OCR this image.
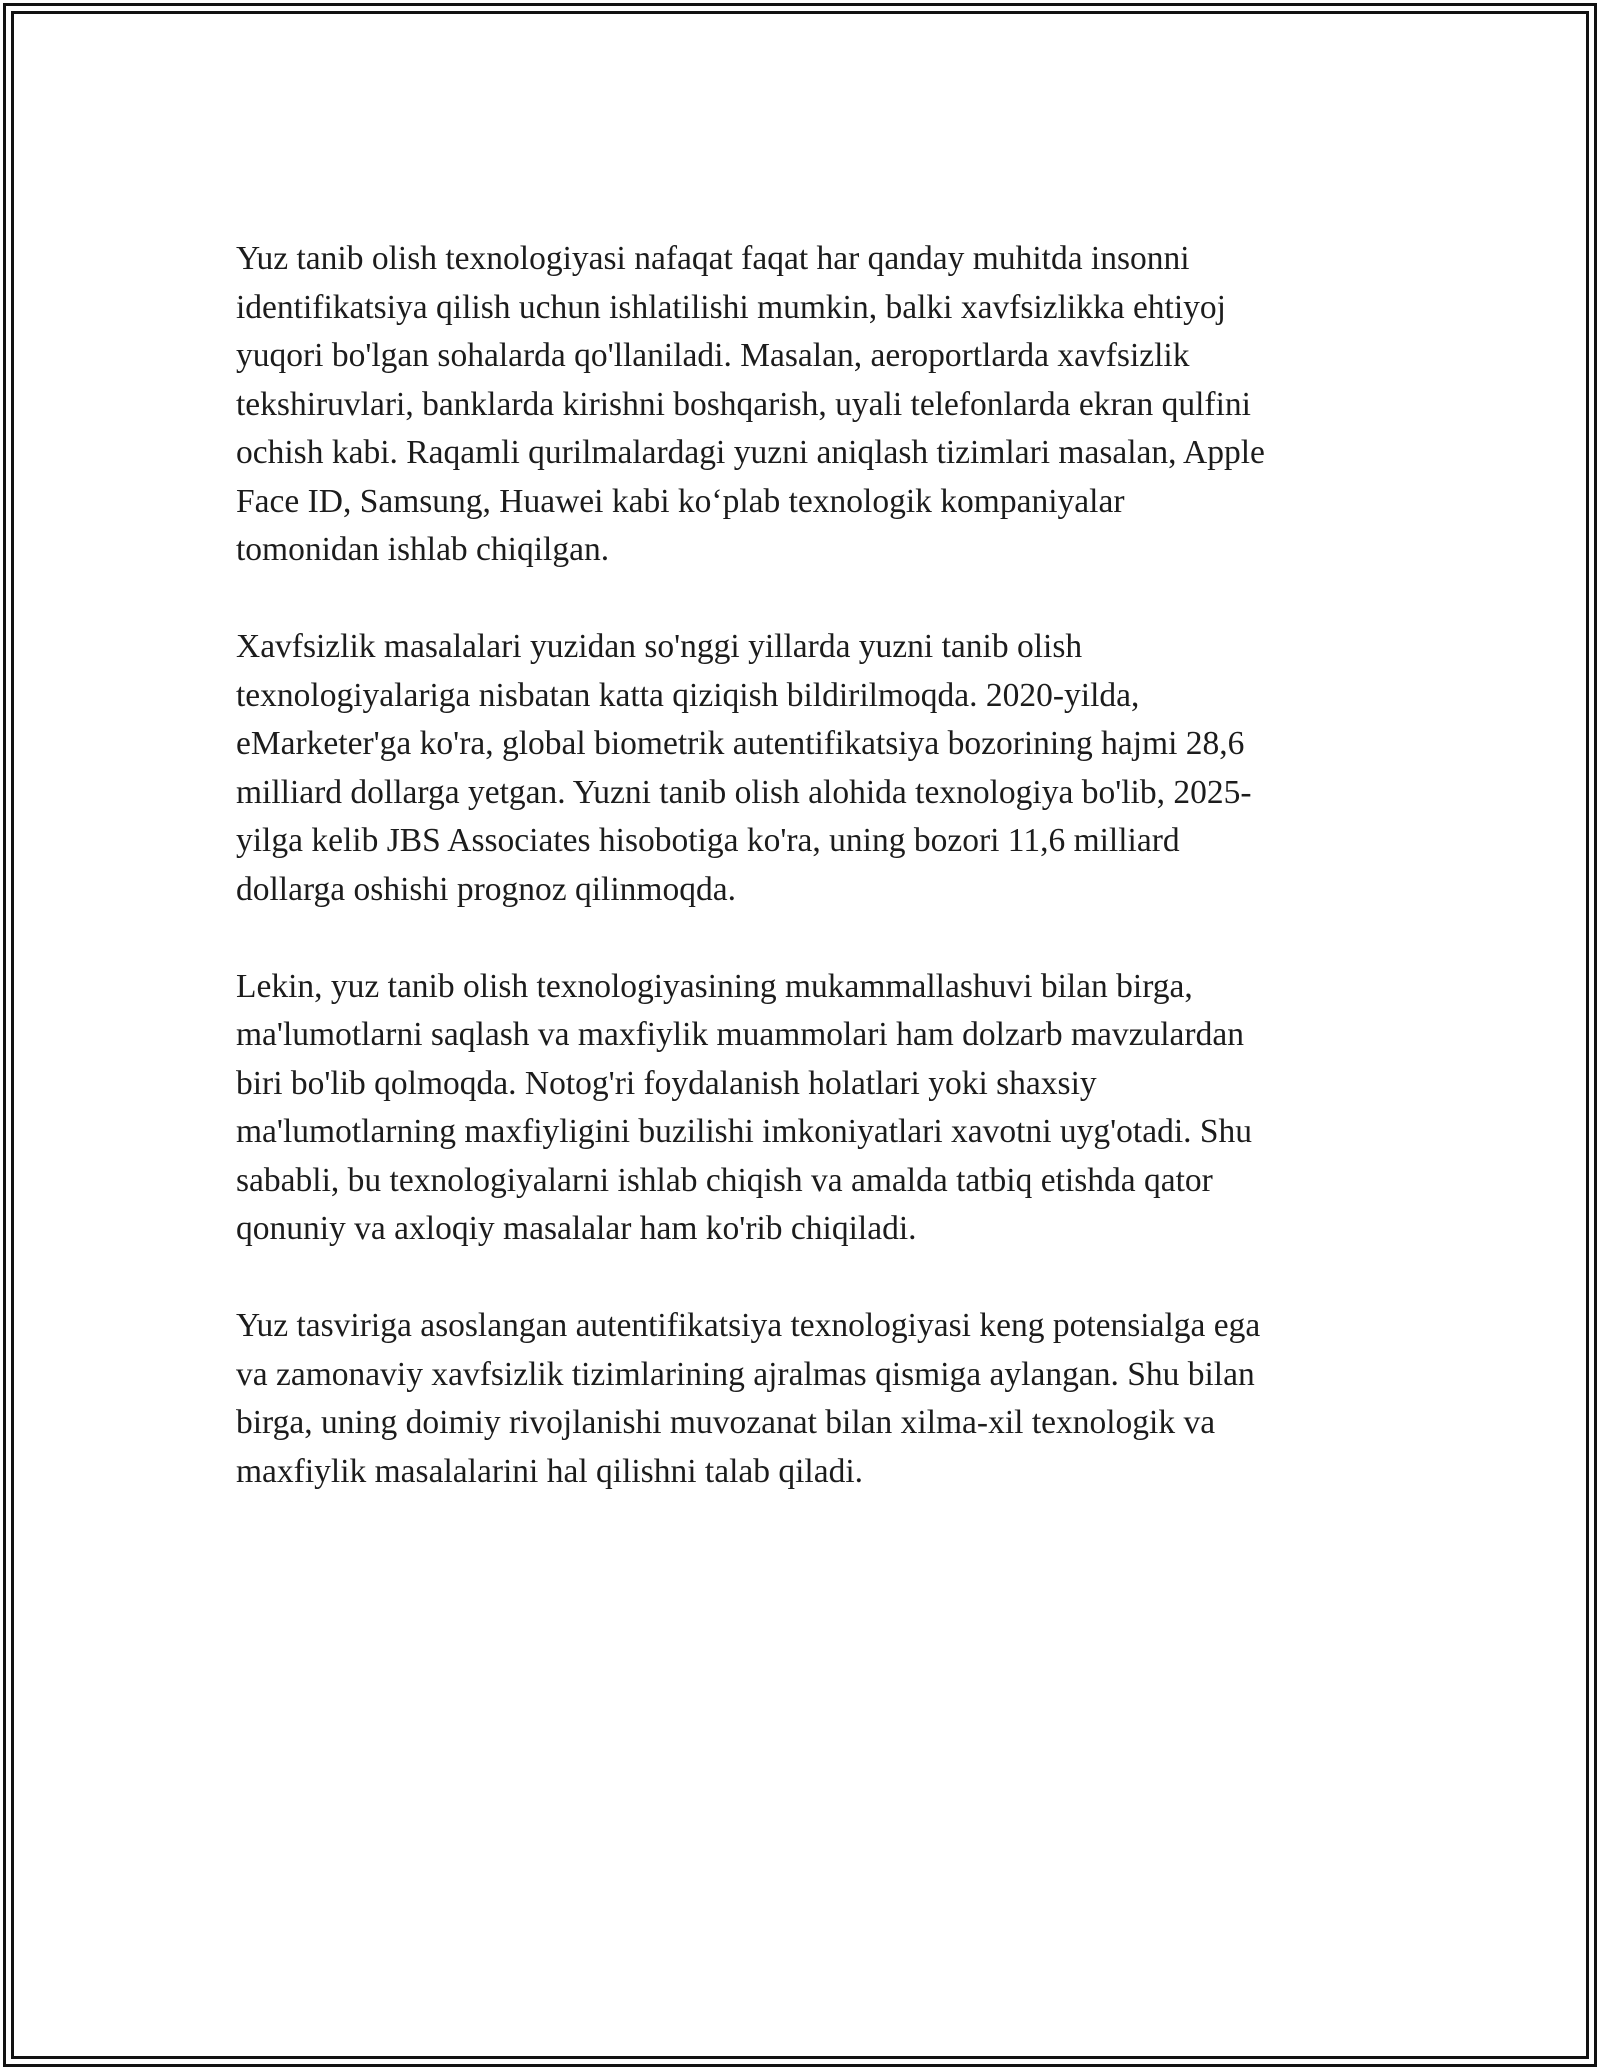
Yuz tanib olish texnologiyasi nafaqat faqat har qanday muhitda insonni
identifikatsiya qilish uchun ishlatilishi mumkin, balki xavfsizlikka ehtiyoj
yuqori bo'lgan sohalarda qo'llaniladi. Masalan, aeroportlarda xavfsizlik
tekshiruvlari, banklarda kirishni boshqarish, uyali telefonlarda ekran qulfini
ochish kabi. Raqamli qurilmalardagi yuzni aniqlash tizimlari masalan, Apple
Face ID, Samsung, Huawei kabi koʻplab texnologik kompaniyalar
tomonidan ishlab chiqilgan.

Xavfsizlik masalalari yuzidan so'nggi yillarda yuzni tanib olish
texnologiyalariga nisbatan katta qiziqish bildirilmoqda. 2020-yilda,
eMarketer'ga ko'ra, global biometrik autentifikatsiya bozorining hajmi 28,6
milliard dollarga yetgan. Yuzni tanib olish alohida texnologiya bo'lib, 2025-
yilga kelib JBS Associates hisobotiga ko'ra, uning bozori 11,6 milliard
dollarga oshishi prognoz qilinmoqda.

Lekin, yuz tanib olish texnologiyasining mukammallashuvi bilan birga,
ma'lumotlarni saqlash va maxfiylik muammolari ham dolzarb mavzulardan
biri bo'lib qolmoqda. Notog'ri foydalanish holatlari yoki shaxsiy
ma'lumotlarning maxfiyligini buzilishi imkoniyatlari xavotni uyg'otadi. Shu
sababli, bu texnologiyalarni ishlab chiqish va amalda tatbiq etishda qator
qonuniy va axloqiy masalalar ham ko'rib chiqiladi.

Yuz tasviriga asoslangan autentifikatsiya texnologiyasi keng potensialga ega
va zamonaviy xavfsizlik tizimlarining ajralmas qismiga aylangan. Shu bilan
birga, uning doimiy rivojlanishi muvozanat bilan xilma-xil texnologik va
maxfiylik masalalarini hal qilishni talab qiladi.
